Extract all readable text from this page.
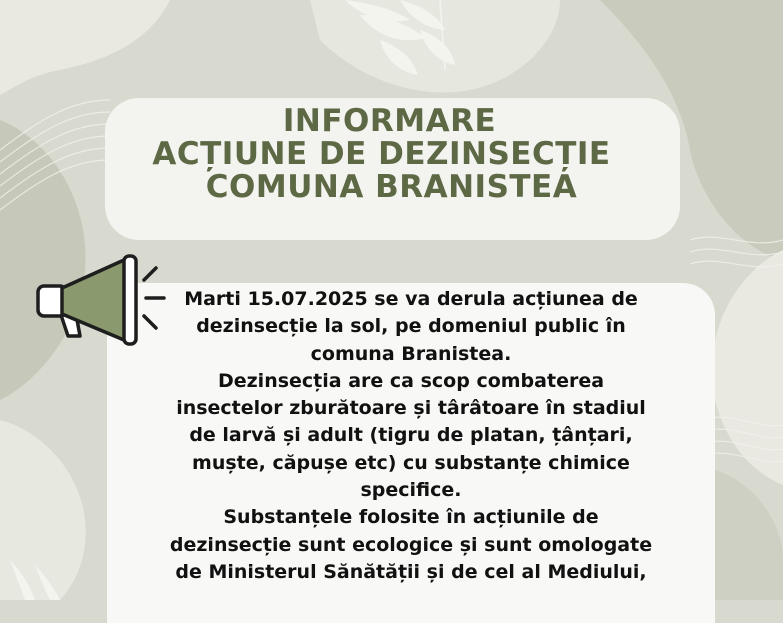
INFORMARE
ACȚIUNE DE DEZINSECȚIE
COMUNA BRANISTEA
Marti 15.07.2025 se va derula acțiunea de
dezinsecție la sol, pe domeniul public în
comuna Branistea.
Dezinsecția are ca scop combaterea
insectelor zburătoare și târâtoare în stadiul
de larvă și adult (tigru de platan, țânțari,
muște, căpușe etc) cu substanțe chimice
specifice.
Substanțele folosite în acțiunile de
dezinsecție sunt ecologice și sunt omologate
de Ministerul Sănătății și de cel al Mediului,
